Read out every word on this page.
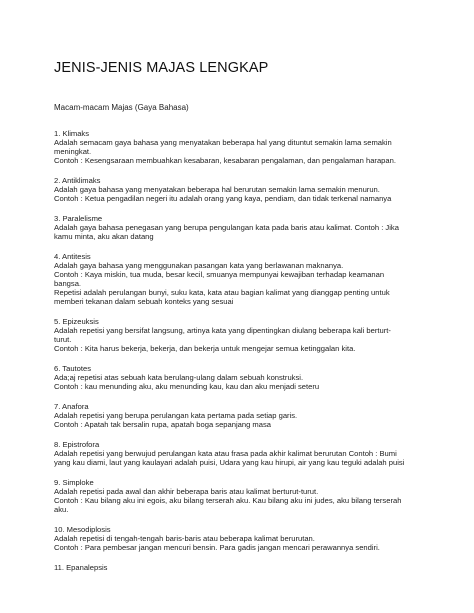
JENIS-JENIS MAJAS LENGKAP
Macam-macam Majas (Gaya Bahasa)
1. Klimaks
Adalah semacam gaya bahasa yang menyatakan beberapa hal yang dituntut semakin lama semakin
meningkat.
Contoh : Kesengsaraan membuahkan kesabaran, kesabaran pengalaman, dan pengalaman harapan.
2. Antiklimaks
Adalah gaya bahasa yang menyatakan beberapa hal berurutan semakin lama semakin menurun.
Contoh : Ketua pengadilan negeri itu adalah orang yang kaya, pendiam, dan tidak terkenal namanya
3. Paralelisme
Adalah gaya bahasa penegasan yang berupa pengulangan kata pada baris atau kalimat. Contoh : Jika
kamu minta, aku akan datang
4. Antitesis
Adalah gaya bahasa yang menggunakan pasangan kata yang berlawanan maknanya.
Contoh : Kaya miskin, tua muda, besar kecil, smuanya mempunyai kewajiban terhadap keamanan
bangsa.
Repetisi adalah perulangan bunyi, suku kata, kata atau bagian kalimat yang dianggap penting untuk
memberi tekanan dalam sebuah konteks yang sesuai
5. Epizeuksis
Adalah repetisi yang bersifat langsung, artinya kata yang dipentingkan diulang beberapa kali berturt-
turut.
Contoh : Kita harus bekerja, bekerja, dan bekerja untuk mengejar semua ketinggalan kita.
6. Tautotes
Ada;aj repetisi atas sebuah kata berulang-ulang dalam sebuah konstruksi.
Contoh : kau menunding aku, aku menunding kau, kau dan aku menjadi seteru
7. Anafora
Adalah repetisi yang berupa perulangan kata pertama pada setiap garis.
Contoh : Apatah tak bersalin rupa, apatah boga sepanjang masa
8. Epistrofora
Adalah repetisi yang berwujud perulangan kata atau frasa pada akhir kalimat berurutan Contoh : Bumi
yang kau diami, laut yang kaulayari adalah puisi, Udara yang kau hirupi, air yang kau teguki adalah puisi
9. Simploke
Adalah repetisi pada awal dan akhir beberapa baris atau kalimat berturut-turut.
Contoh : Kau bilang aku ini egois, aku bilang terserah aku. Kau bilang aku ini judes, aku bilang terserah
aku.
10. Mesodiplosis
Adalah repetisi di tengah-tengah baris-baris atau beberapa kalimat berurutan.
Contoh : Para pembesar jangan mencuri bensin. Para gadis jangan mencari perawannya sendiri.
11. Epanalepsis
